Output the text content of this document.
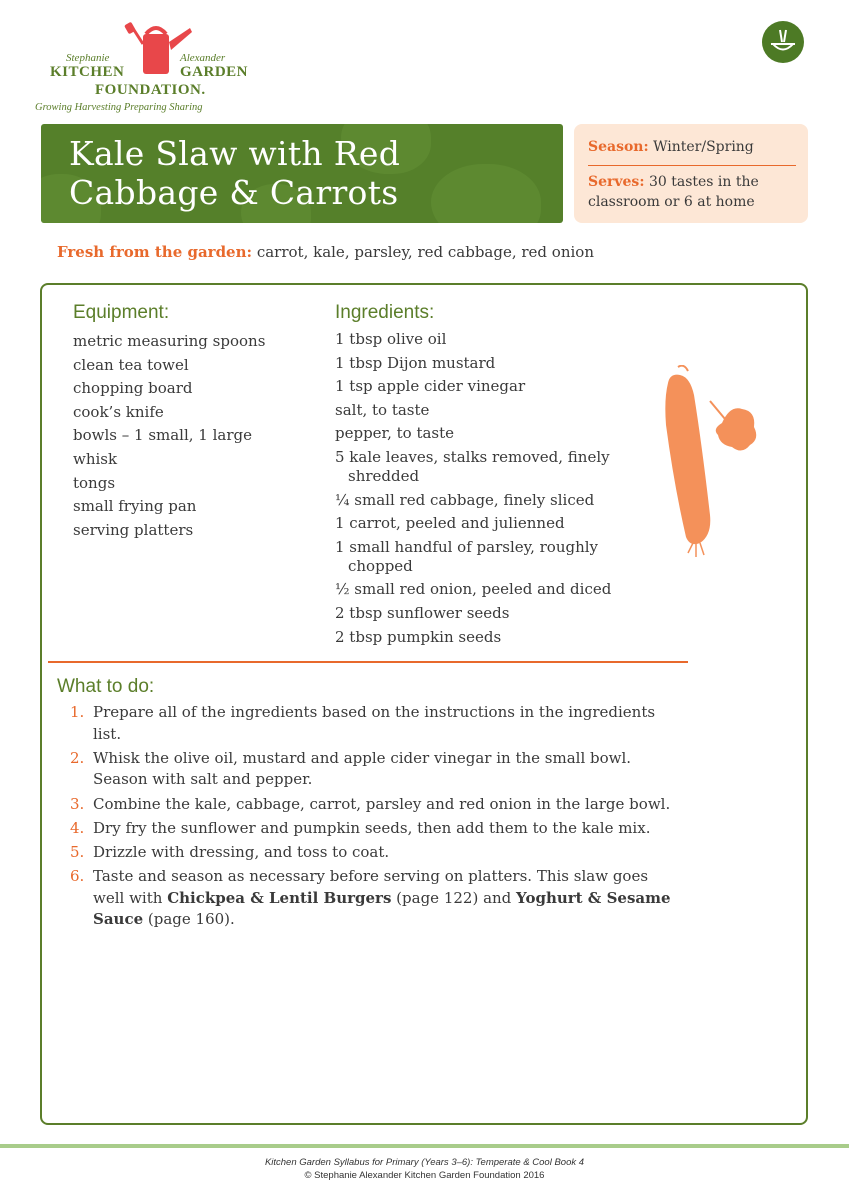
Stephanie	Alexander
KITCHEN	GARDEN
FOUNDATION.
Growing Harvesting Preparing Sharing
Kale Slaw with Red
Cabbage & Carrots
Season: Winter/Spring
Serves: 30 tastes in the classroom or 6 at home
Fresh from the garden: carrot, kale, parsley, red cabbage, red onion
Equipment:
metric measuring spoons
clean tea towel
chopping board
cook’s knife
bowls – 1 small, 1 large
whisk
tongs
small frying pan
serving platters
Ingredients:
1 tbsp olive oil
1 tbsp Dijon mustard
1 tsp apple cider vinegar
salt, to taste
pepper, to taste
5 kale leaves, stalks removed, finely shredded
¼ small red cabbage, finely sliced
1 carrot, peeled and julienned
1 small handful of parsley, roughly chopped
½ small red onion, peeled and diced
2 tbsp sunflower seeds
2 tbsp pumpkin seeds
What to do:
1. Prepare all of the ingredients based on the instructions in the ingredients list.
2. Whisk the olive oil, mustard and apple cider vinegar in the small bowl. Season with salt and pepper.
3. Combine the kale, cabbage, carrot, parsley and red onion in the large bowl.
4. Dry fry the sunflower and pumpkin seeds, then add them to the kale mix.
5. Drizzle with dressing, and toss to coat.
6. Taste and season as necessary before serving on platters. This slaw goes well with Chickpea & Lentil Burgers (page 122) and Yoghurt & Sesame Sauce (page 160).
Kitchen Garden Syllabus for Primary (Years 3–6): Temperate & Cool Book 4
© Stephanie Alexander Kitchen Garden Foundation 2016
